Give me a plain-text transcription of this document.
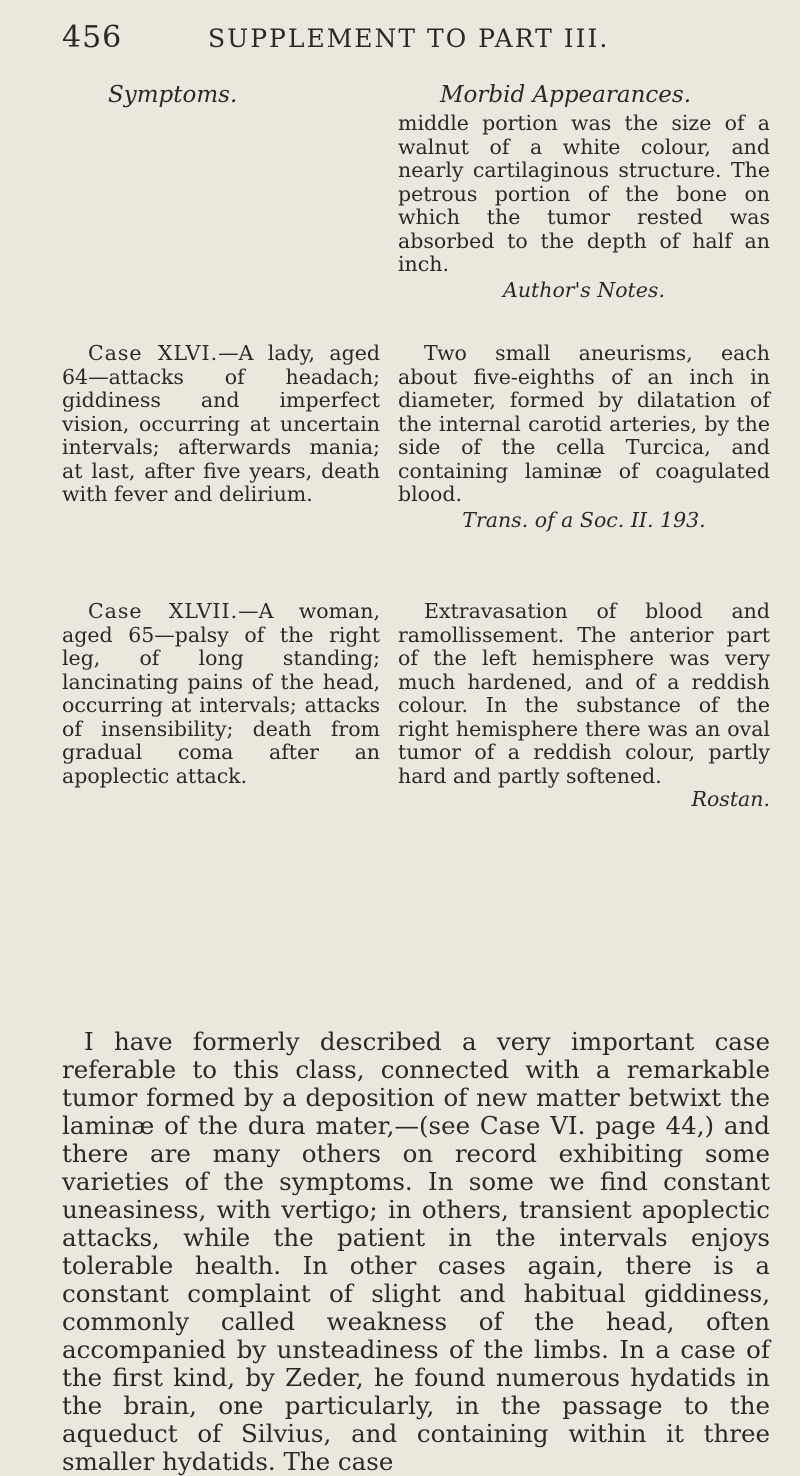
456	SUPPLEMENT TO PART III.
Symptoms.	Morbid Appearances.

middle portion was the size of a walnut of a white colour, and nearly cartilaginous structure. The petrous portion of the bone on which the tumor rested was absorbed to the depth of half an inch.

Author's Notes.

Case XLVI.—A lady, aged 64—attacks of headach; giddiness and imperfect vision, occurring at uncertain intervals; afterwards mania; at last, after five years, death with fever and delirium.

Two small aneurisms, each about five-eighths of an inch in diameter, formed by dilatation of the internal carotid arteries, by the side of the cella Turcica, and containing laminæ of coagulated blood.

Trans. of a Soc. II. 193.

Case XLVII.—A woman, aged 65—palsy of the right leg, of long standing; lancinating pains of the head, occurring at intervals; attacks of insensibility; death from gradual coma after an apoplectic attack.

Extravasation of blood and ramollissement. The anterior part of the left hemisphere was very much hardened, and of a reddish colour. In the substance of the right hemisphere there was an oval tumor of a reddish colour, partly hard and partly softened.

Rostan.

I have formerly described a very important case referable to this class, connected with a remarkable tumor formed by a deposition of new matter betwixt the laminæ of the dura mater,—(see Case VI. page 44,) and there are many others on record exhibiting some varieties of the symptoms. In some we find constant uneasiness, with vertigo; in others, transient apoplectic attacks, while the patient in the intervals enjoys tolerable health. In other cases again, there is a constant complaint of slight and habitual giddiness, commonly called weakness of the head, often accompanied by unsteadiness of the limbs. In a case of the first kind, by Zeder, he found numerous hydatids in the brain, one particularly, in the passage to the aqueduct of Silvius, and containing within it three smaller hydatids. The case
